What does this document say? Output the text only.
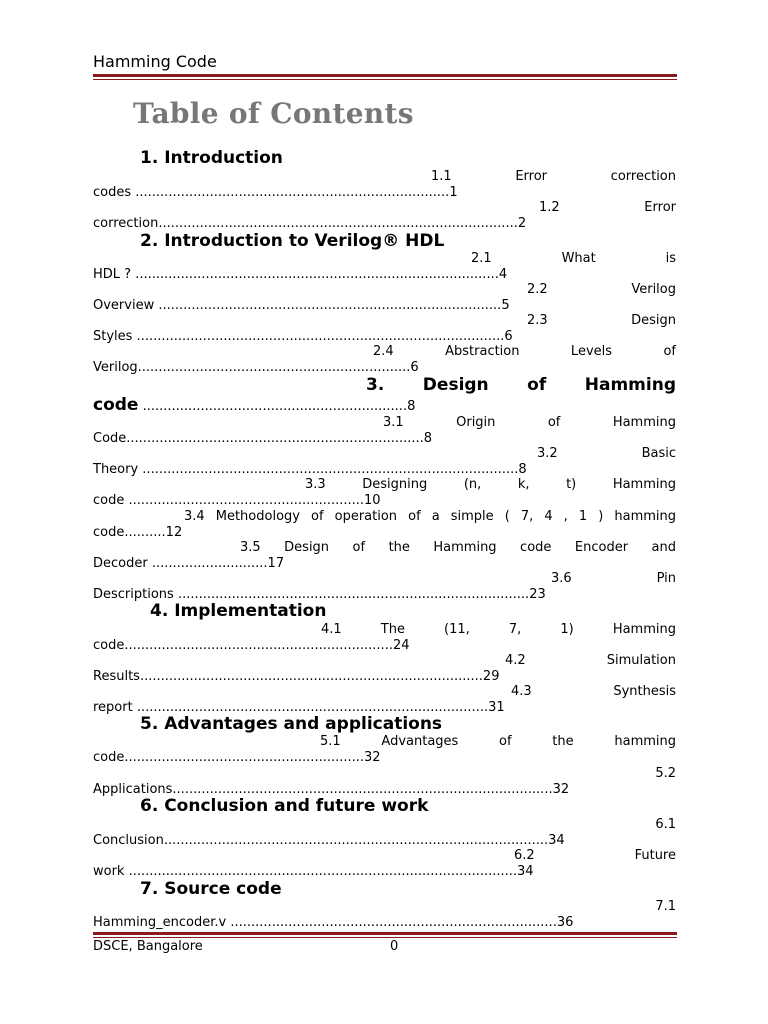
Hamming Code
Table of Contents
1. Introduction
1.1 Error correction
codes ............................................................................1
1.2 Error
correction.......................................................................................2
2. Introduction to Verilog® HDL
2.1 What is
HDL ? ........................................................................................4
2.2 Verilog
Overview ...................................................................................5
2.3 Design
Styles .........................................................................................6
2.4 Abstraction Levels of
Verilog..................................................................6
3. Design of Hamming
code ................................................................8
3.1 Origin of Hamming
Code........................................................................8
3.2 Basic
Theory ...........................................................................................8
3.3 Designing (n, k, t) Hamming
code .........................................................10
3.4 Methodology of operation of a simple ( 7, 4 , 1 ) hamming
code..........12
3.5 Design of the Hamming code Encoder and
Decoder ............................17
3.6 Pin
Descriptions .....................................................................................23
4. Implementation
4.1 The (11, 7, 1) Hamming
code.................................................................24
4.2 Simulation
Results...................................................................................29
4.3 Synthesis
report .....................................................................................31
5. Advantages and applications
5.1 Advantages of the hamming
code..........................................................32
5.2
Applications............................................................................................32
6. Conclusion and future work
6.1
Conclusion.............................................................................................34
6.2 Future
work ..............................................................................................34
7. Source code
7.1
Hamming_encoder.v ...............................................................................36
DSCE, Bangalore	0
